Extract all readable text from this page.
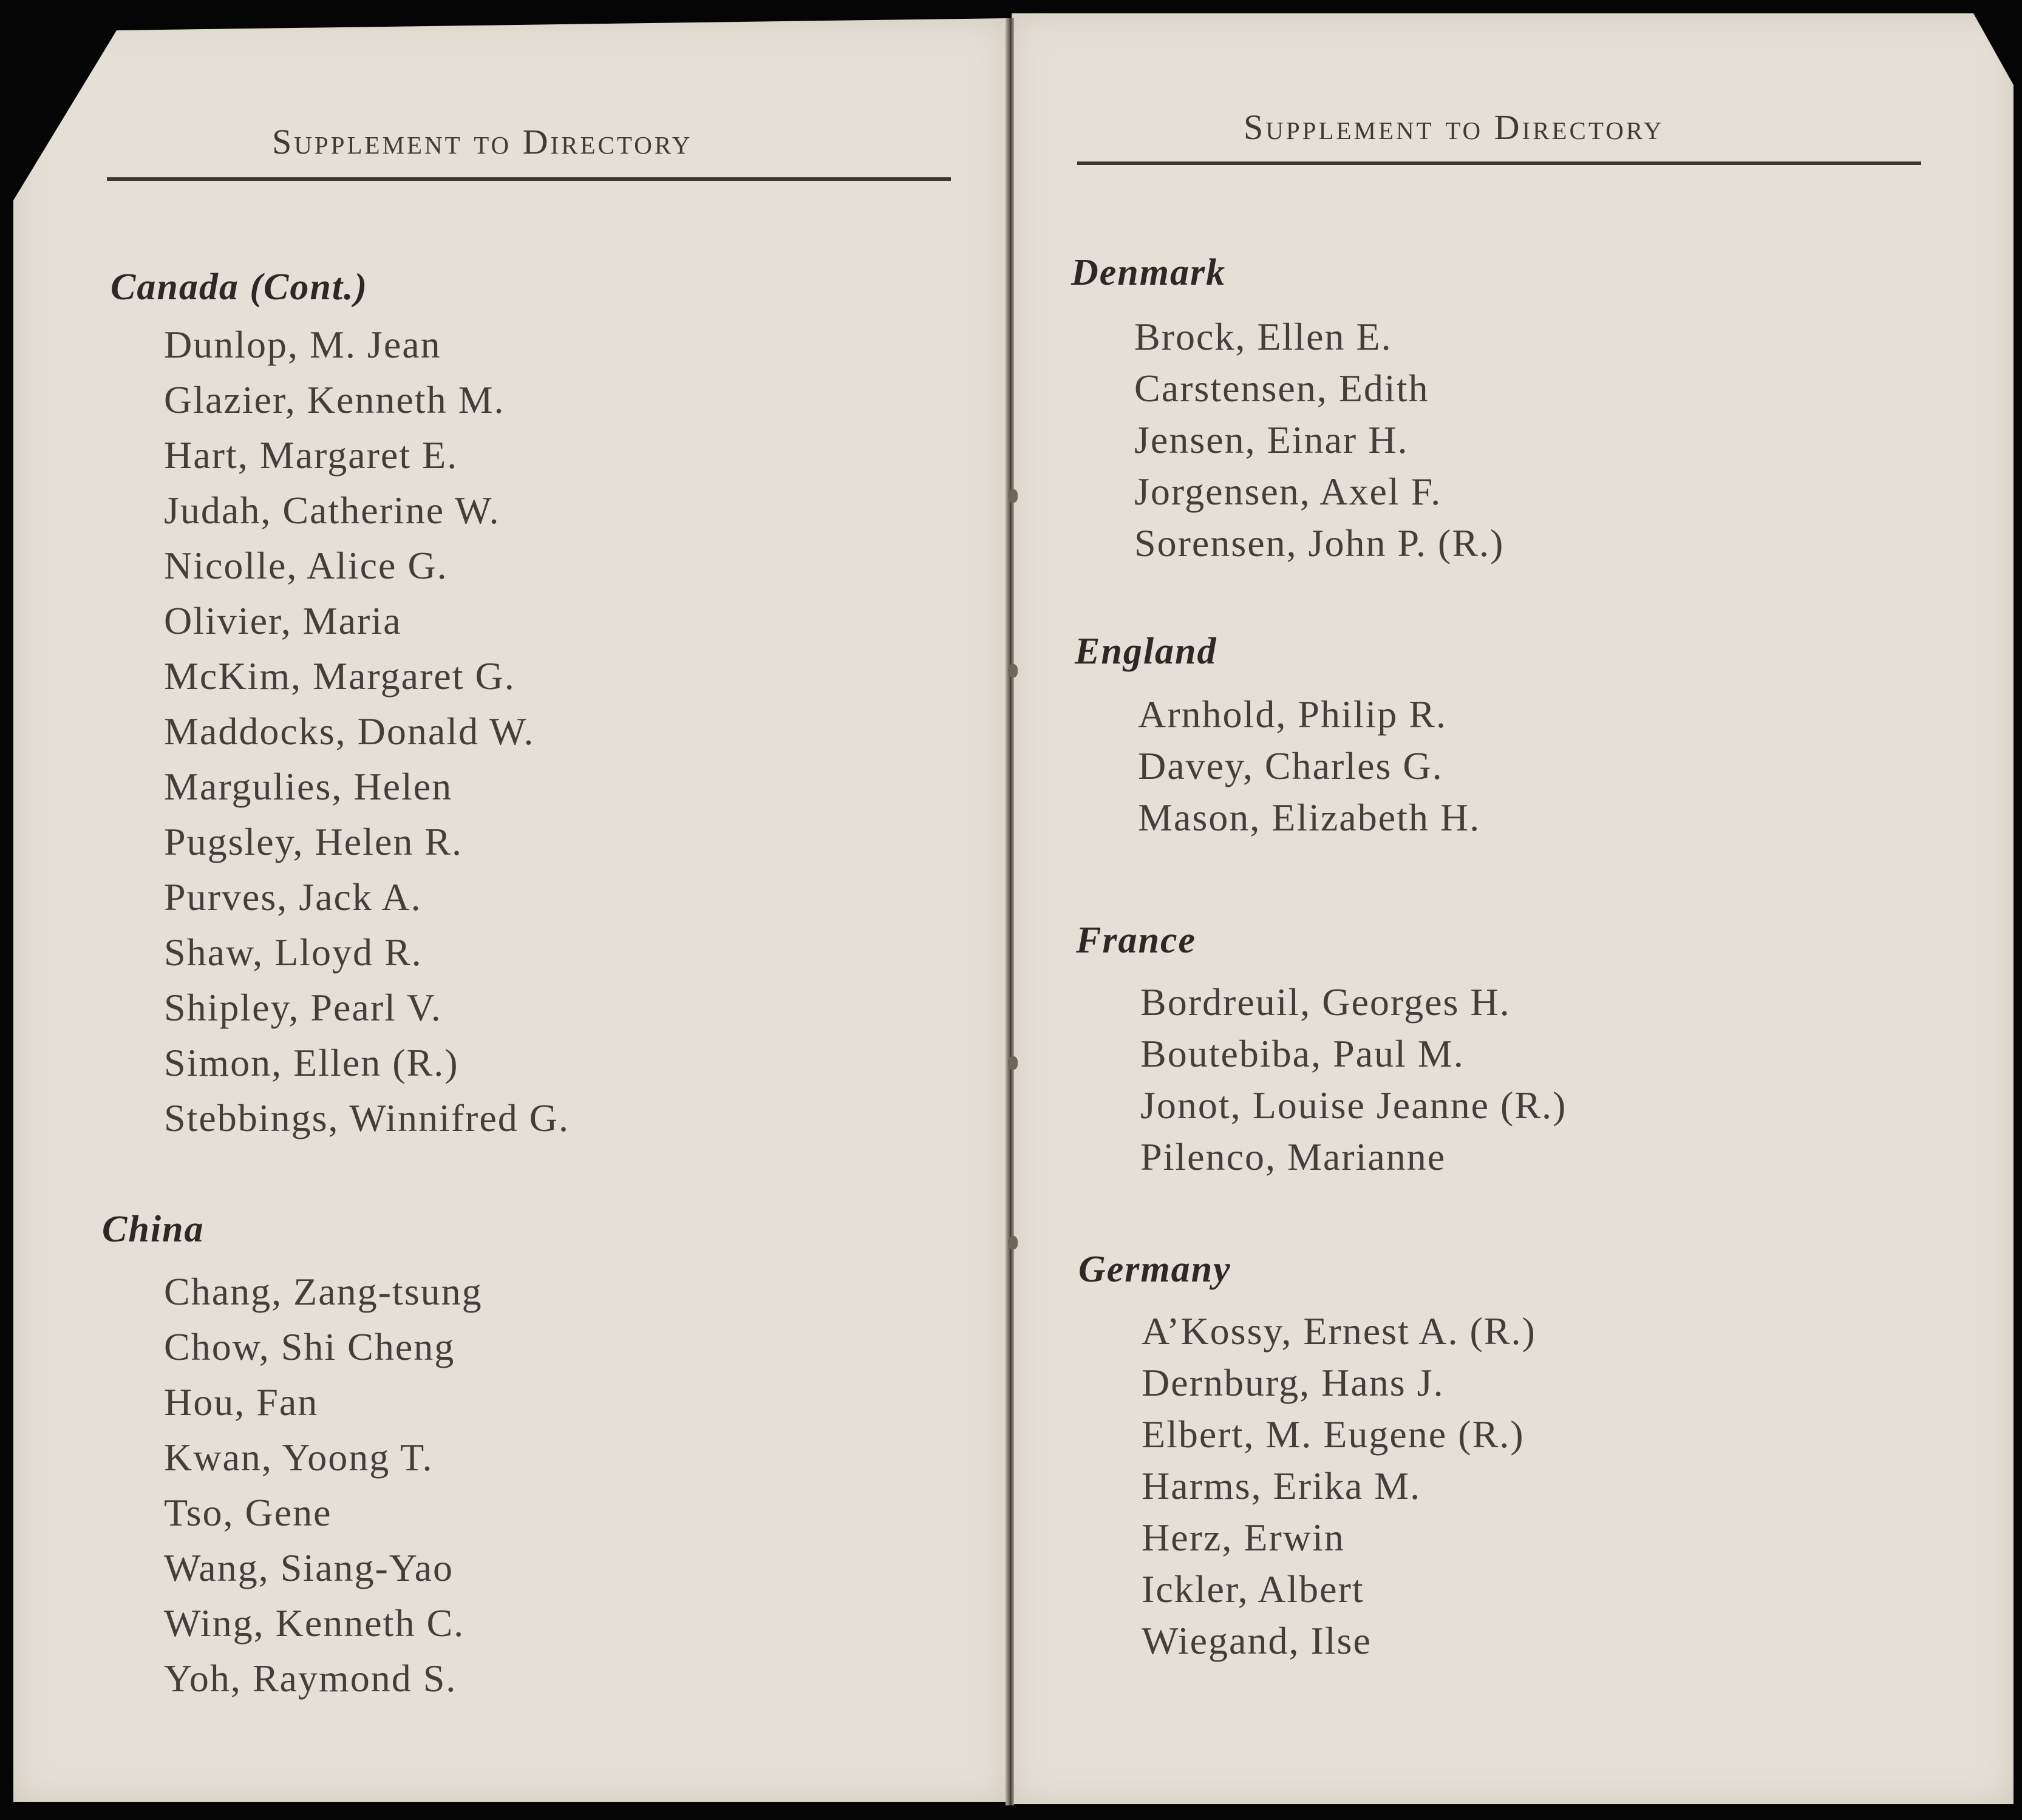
Supplement to Directory
Canada (Cont.)
Dunlop, M. Jean
Glazier, Kenneth M.
Hart, Margaret E.
Judah, Catherine W.
Nicolle, Alice G.
Olivier, Maria
McKim, Margaret G.
Maddocks, Donald W.
Margulies, Helen
Pugsley, Helen R.
Purves, Jack A.
Shaw, Lloyd R.
Shipley, Pearl V.
Simon, Ellen (R.)
Stebbings, Winnifred G.
China
Chang, Zang-tsung
Chow, Shi Cheng
Hou, Fan
Kwan, Yoong T.
Tso, Gene
Wang, Siang-Yao
Wing, Kenneth C.
Yoh, Raymond S.
Supplement to Directory
Denmark
Brock, Ellen E.
Carstensen, Edith
Jensen, Einar H.
Jorgensen, Axel F.
Sorensen, John P. (R.)
England
Arnhold, Philip R.
Davey, Charles G.
Mason, Elizabeth H.
France
Bordreuil, Georges H.
Boutebiba, Paul M.
Jonot, Louise Jeanne (R.)
Pilenco, Marianne
Germany
A’Kossy, Ernest A. (R.)
Dernburg, Hans J.
Elbert, M. Eugene (R.)
Harms, Erika M.
Herz, Erwin
Ickler, Albert
Wiegand, Ilse
